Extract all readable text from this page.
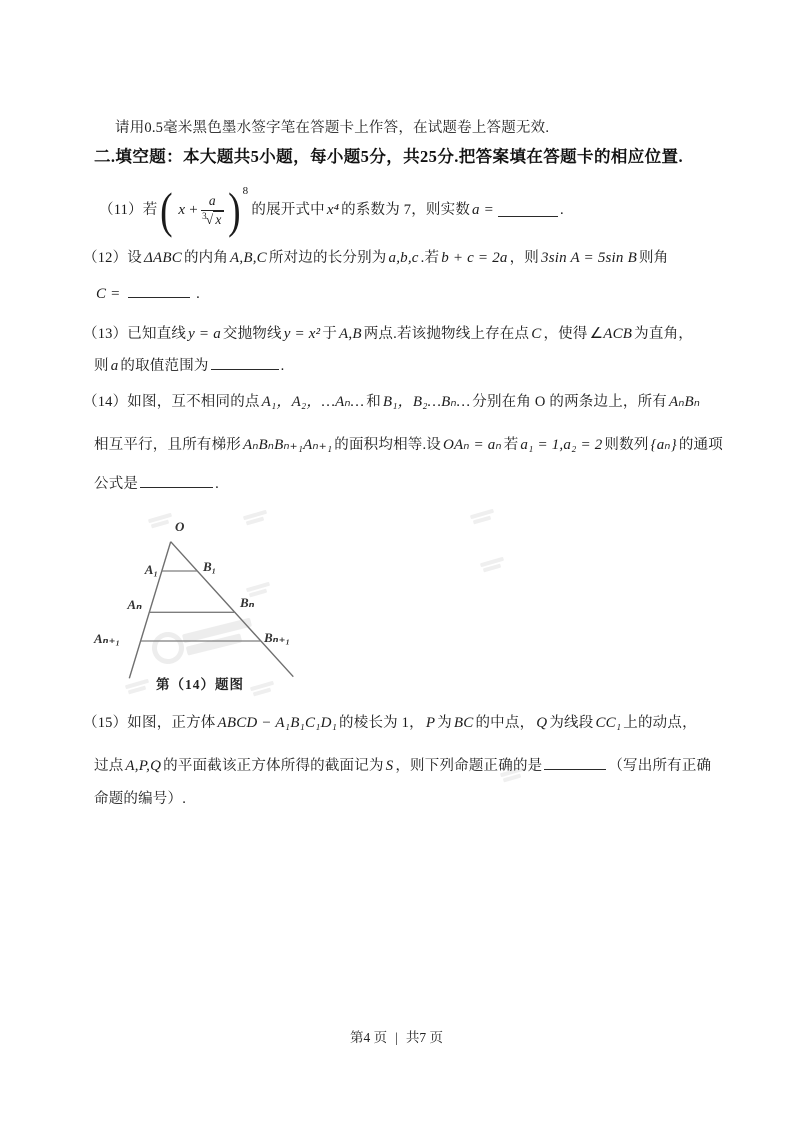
请用0.5毫米黑色墨水签字笔在答题卡上作答，在试题卷上答题无效.
二.填空题：本大题共5小题，每小题5分，共25分.把答案填在答题卡的相应位置.
（11）若 ( $x + \frac{a}{^3√ x}$ ) 8
的展开式中 x⁴ 的系数为 7，则实数 a =	.
（12）设 ΔABC 的内角 A,B,C 所对边的长分别为 a,b,c .若 b + c = 2a ，则 3sin A = 5sin B 则角
C =	.
（13）已知直线 y = a 交抛物线 y = x² 于 A,B 两点.若该抛物线上存在点 C ，使得 ∠ACB 为直角，
则 a 的取值范围为	.
（14）如图，互不相同的点 A₁，A₂，…Aₙ… 和 B₁，B₂…Bₙ… 分别在角 O 的两条边上，所有 AₙBₙ
相互平行，且所有梯形 AₙBₙBₙ₊₁Aₙ₊₁ 的面积均相等.设 OAₙ = aₙ 若 a₁ = 1,a₂ = 2 则数列 {aₙ} 的通项
公式是	.
O
A₁	B₁
Aₙ	Bₙ
Aₙ₊₁	Bₙ₊₁
第（14）题图
（15）如图，正方体 ABCD − A₁B₁C₁D₁ 的棱长为 1， P 为 BC 的中点， Q 为线段 CC₁ 上的动点，
过点 A,P,Q 的平面截该正方体所得的截面记为 S ，则下列命题正确的是	（写出所有正确
命题的编号）.
第4 页 | 共7 页
